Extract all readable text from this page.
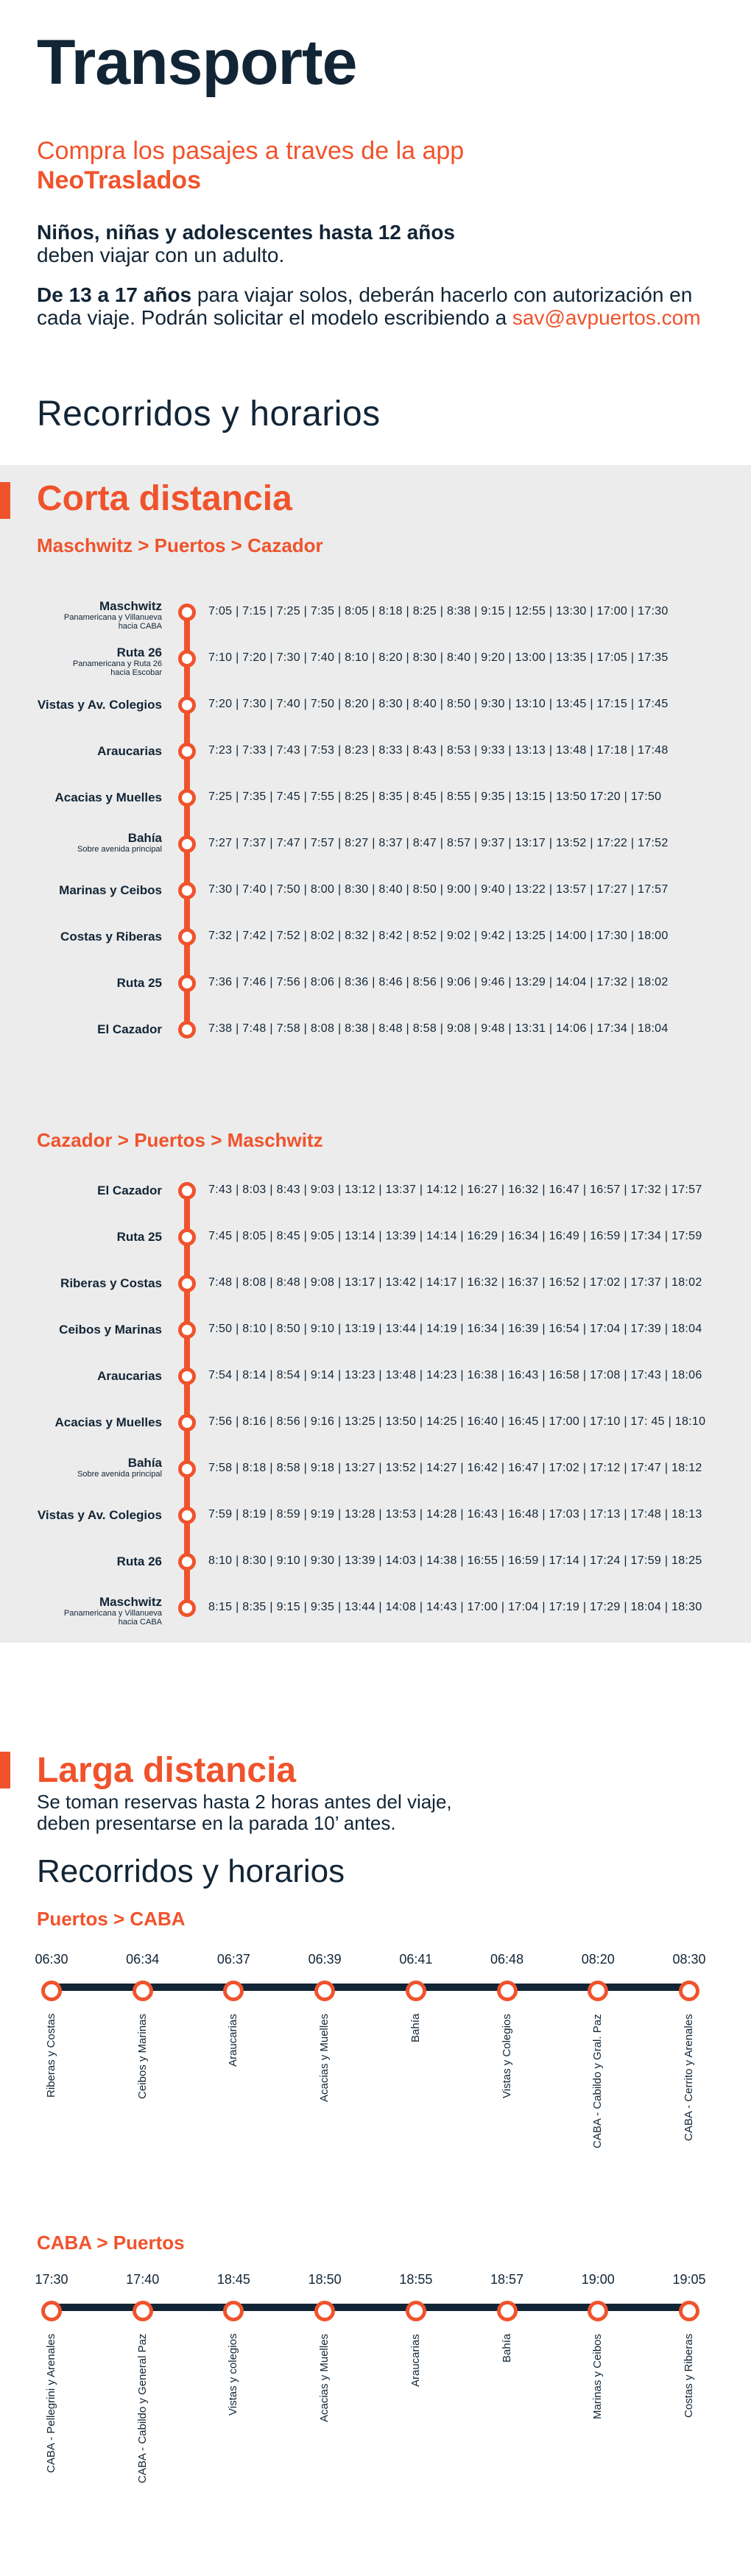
Transporte
Compra los pasajes a traves de la app
NeoTraslados
Niños, niñas y adolescentes hasta 12 años
deben viajar con un adulto.
De 13 a 17 años para viajar solos, deberán hacerlo con autorización en cada viaje. Podrán solicitar el modelo escribiendo a sav@avpuertos.com
Recorridos y horarios
Corta distancia
Maschwitz > Puertos > Cazador
Maschwitz
Panamericana y Villanueva
hacia CABA
7:05 | 7:15 | 7:25 | 7:35 | 8:05 | 8:18 | 8:25 | 8:38 | 9:15 | 12:55 | 13:30 | 17:00 | 17:30
Ruta 26
Panamericana y Ruta 26
hacia Escobar
7:10 | 7:20 | 7:30 | 7:40 | 8:10 | 8:20 | 8:30 | 8:40 | 9:20 | 13:00 | 13:35 | 17:05 | 17:35
Vistas y Av. Colegios	7:20 | 7:30 | 7:40 | 7:50 | 8:20 | 8:30 | 8:40 | 8:50 | 9:30 | 13:10 | 13:45 | 17:15 | 17:45
Araucarias	7:23 | 7:33 | 7:43 | 7:53 | 8:23 | 8:33 | 8:43 | 8:53 | 9:33 | 13:13 | 13:48 | 17:18 | 17:48
Acacias y Muelles	7:25 | 7:35 | 7:45 | 7:55 | 8:25 | 8:35 | 8:45 | 8:55 | 9:35 | 13:15 | 13:50 17:20 | 17:50
Bahía
Sobre avenida principal	7:27 | 7:37 | 7:47 | 7:57 | 8:27 | 8:37 | 8:47 | 8:57 | 9:37 | 13:17 | 13:52 | 17:22 | 17:52
Marinas y Ceibos	7:30 | 7:40 | 7:50 | 8:00 | 8:30 | 8:40 | 8:50 | 9:00 | 9:40 | 13:22 | 13:57 | 17:27 | 17:57
Costas y Riberas	7:32 | 7:42 | 7:52 | 8:02 | 8:32 | 8:42 | 8:52 | 9:02 | 9:42 | 13:25 | 14:00 | 17:30 | 18:00
Ruta 25	7:36 | 7:46 | 7:56 | 8:06 | 8:36 | 8:46 | 8:56 | 9:06 | 9:46 | 13:29 | 14:04 | 17:32 | 18:02
El Cazador	7:38 | 7:48 | 7:58 | 8:08 | 8:38 | 8:48 | 8:58 | 9:08 | 9:48 | 13:31 | 14:06 | 17:34 | 18:04
Cazador > Puertos > Maschwitz
El Cazador	7:43 | 8:03 | 8:43 | 9:03 | 13:12 | 13:37 | 14:12 | 16:27 | 16:32 | 16:47 | 16:57 | 17:32 | 17:57
Ruta 25	7:45 | 8:05 | 8:45 | 9:05 | 13:14 | 13:39 | 14:14 | 16:29 | 16:34 | 16:49 | 16:59 | 17:34 | 17:59
Riberas y Costas	7:48 | 8:08 | 8:48 | 9:08 | 13:17 | 13:42 | 14:17 | 16:32 | 16:37 | 16:52 | 17:02 | 17:37 | 18:02
Ceibos y Marinas	7:50 | 8:10 | 8:50 | 9:10 | 13:19 | 13:44 | 14:19 | 16:34 | 16:39 | 16:54 | 17:04 | 17:39 | 18:04
Araucarias	7:54 | 8:14 | 8:54 | 9:14 | 13:23 | 13:48 | 14:23 | 16:38 | 16:43 | 16:58 | 17:08 | 17:43 | 18:06
Acacias y Muelles	7:56 | 8:16 | 8:56 | 9:16 | 13:25 | 13:50 | 14:25 | 16:40 | 16:45 | 17:00 | 17:10 | 17: 45 | 18:10
Bahía
Sobre avenida principal	7:58 | 8:18 | 8:58 | 9:18 | 13:27 | 13:52 | 14:27 | 16:42 | 16:47 | 17:02 | 17:12 | 17:47 | 18:12
Vistas y Av. Colegios	7:59 | 8:19 | 8:59 | 9:19 | 13:28 | 13:53 | 14:28 | 16:43 | 16:48 | 17:03 | 17:13 | 17:48 | 18:13
Ruta 26	8:10 | 8:30 | 9:10 | 9:30 | 13:39 | 14:03 | 14:38 | 16:55 | 16:59 | 17:14 | 17:24 | 17:59 | 18:25
Maschwitz
Panamericana y Villanueva
hacia CABA
8:15 | 8:35 | 9:15 | 9:35 | 13:44 | 14:08 | 14:43 | 17:00 | 17:04 | 17:19 | 17:29 | 18:04 | 18:30
Larga distancia
Se toman reservas hasta 2 horas antes del viaje,
deben presentarse en la parada 10’ antes.
Recorridos y horarios
Puertos > CABA
06:30
Riberas y Costas
06:34
Ceibos y Marinas
06:37
Araucarias
06:39
Acacias y Muelles
06:41
Bahía
06:48
Vistas y Colegios
08:20
CABA - Cabildo y Gral. Paz
08:30
CABA - Cerrito y Arenales
CABA > Puertos
17:30
CABA - Pellegrini y Arenales
17:40
CABA - Cabildo y General Paz
18:45
Vistas y colegios
18:50
Acacias y Muelles
18:55
Araucarias
18:57
Bahía
19:00
Marinas y Ceibos
19:05
Costas y Riberas
